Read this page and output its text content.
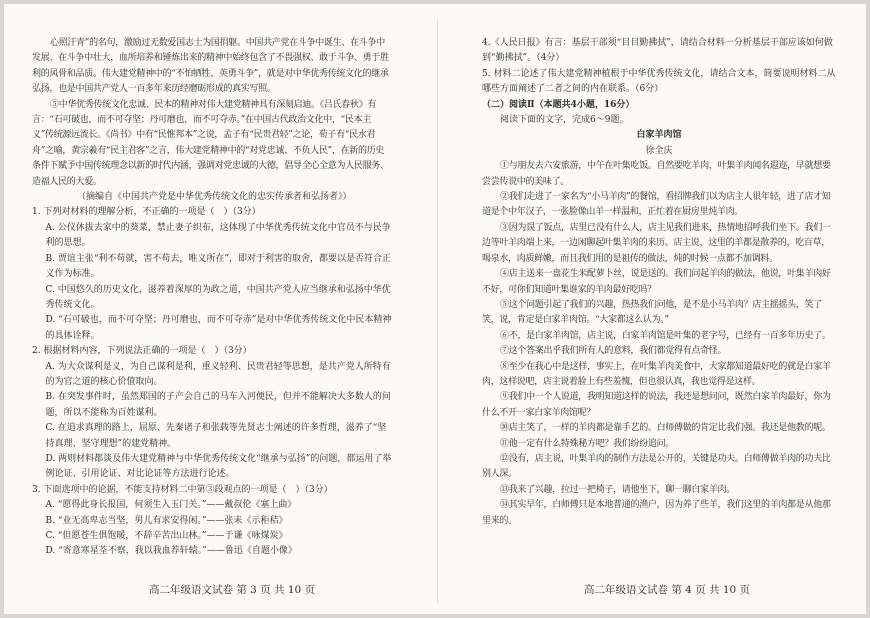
心照汗青”的名句，激励过无数爱国志士为国捐躯。中国共产党在斗争中诞生、在斗争中发展、在斗争中壮大，血所培养和锤炼出来的精神中始终包含了不畏强权、敢于斗争、勇于胜利的风骨和品质。伟大建党精神中的“不怕牺牲、英勇斗争”，就是对中华优秀传统文化的继承弘扬，也是中国共产党人一百多年来历经磨砺形成的真实写照。

⑤中华优秀传统文化忠诚、民本的精神对伟大建党精神具有深刻启迪。《吕氏春秋》有言：“石可破也，而不可夺坚；丹可磨也，而不可夺赤。”在中国古代政治文化中，“民本主义”传统源远流长。《尚书》中有“民惟邦本”之说，孟子有“民贵君轻”之论，荀子有“民水君舟”之喻，黄宗羲有“民主君客”之言，伟大建党精神中的“对党忠诚、不负人民”，在新的历史条件下赋予中国传统理念以新的时代内涵，强调对党忠诚的大德，倡导全心全意为人民服务、造福人民的大爱。

（摘编自《中国共产党是中华优秀传统文化的忠实传承者和弘扬者》）

1. 下列对材料的理解分析，不正确的一项是（　）（3分）

A. 公仪休拔去家中的葵菜，禁止妻子织布，这体现了中华优秀传统文化中官员不与民争利的思想。

B. 贾谊主张“利不苟就，害不苟去，唯义所在”，即对于利害的取舍，都要以是否符合正义作为标准。

C. 中国悠久的历史文化，滋养着深厚的为政之道，中国共产党人应当继承和弘扬中华优秀传统文化。

D. “石可破也，而不可夺坚；丹可磨也，而不可夺赤”是对中华优秀传统文化中民本精神的具体诠释。

2. 根据材料内容，下列说法正确的一项是（　）（3分）

A. 为大众谋利是义，为自己谋利是利，重义轻利、民贵君轻等思想，是共产党人所特有的为官之道的核心价值取向。

B. 在突发事件时，虽然郑国的子产会自己的马车入河便民，但并不能解决大多数人的问题，所以不能称为百姓谋利。

C. 在追求真理的路上，屈原、先秦诸子和张载等先贤志士阐述的许多哲理，滋养了“坚持真理、坚守理想”的建党精神。

D. 两则材料都谈及伟大建党精神与中华优秀传统文化“继承与弘扬”的问题，都运用了举例论证、引用论证、对比论证等方法进行论述。

3. 下面选项中的论据，不能支持材料二中第③段观点的一项是（　）（3分）

A. “愿得此身长报国，何须生入玉门关。”——戴叔伦《塞上曲》

B. “业无高卑志当坚，男儿有求安得闲。”——张耒《示秬秸》

C. “但愿苍生俱饱暖，不辞辛苦出山林。”——于谦《咏煤炭》

D. “寄意寒星荃不察，我以我血荐轩辕。”——鲁迅《自题小像》

高二年级语文试卷 第 3 页 共 10 页

4.《人民日报》有言：基层干部须“目目勤拂拭”，请结合材料一分析基层干部应该如何做到“勤拂拭”。（4分）

5. 材料二论述了伟大建党精神植根于中华优秀传统文化，请结合文本，简要说明材料二从哪些方面阐述了二者之间的内在联系。（6分）

（二）阅读Ⅱ（本题共4小题，16分）

阅读下面的文字，完成6～9题。

白家羊肉馆

徐全庆

①与朋友去六安旅游，中午在叶集吃饭。自然要吃羊肉，叶集羊肉闻名遐迩，早就想要尝尝传说中的美味了。

②我们走进了一家名为“小马羊肉”的餐馆，看招牌我们以为店主人很年轻，进了店才知道是个中年汉子，一张脸像山羊一样温和，正忙着在厨房里炖羊肉。

③因为误了饭点，店里已没有什么人，店主见我们进来，热情地招呼我们坐下。我们一边等叶羊肉端上来，一边闲聊起叶集羊肉的来历。店主说，这里的羊都是散养的，吃百草，喝泉水，肉质鲜嫩，而且我们用的是祖传的做法，炖的时候一点都不加调料。

④店主送来一盘花生米配萝卜丝，说是送的。我们问起羊肉的做法，他说，叶集羊肉好不好，可你们知道叶集谁家的羊肉最好吃吗？

⑤这个问题引起了我们的兴趣，热热我们问他，是不是小马羊肉？店主摇摇头，笑了笑，说，肯定是白家羊肉馆。“大家都这么认为。”

⑥不，是白家羊肉馆，店主说，白家羊肉馆是叶集的老字号，已经有一百多年历史了。

⑦这个答案出乎我们所有人的意料，我们都觉得有点奇怪。

⑧至少在我心中是这样，事实上，在叶集羊肉美食中，大家都知道最好吃的就是白家羊肉，这样说吧，店主说着脸上有些羞愧，但也很认真，我也觉得是这样。

⑨我们中一个人说道，我明知道这样的说法，我还是想问问，既然白家羊肉最好，你为什么不开一家白家羊肉馆呢？

⑩店主笑了，一样的羊肉都是靠手艺的。白师傅做的肯定比我们强。我还是他教的呢。

⑪他一定有什么特殊秘方吧？我们纷纷追问。

⑫没有，店主说，叶集羊肉的制作方法是公开的，关键是功夫。白师傅做羊肉的功夫比别人深。

⑬我来了兴趣，拉过一把椅子，请他坐下，聊一聊白家羊肉。

⑭其实早年，白师傅只是本地普通的渔户，因为养了些羊，我们这里的羊肉都是从他那里来的。

高二年级语文试卷 第 4 页 共 10 页
